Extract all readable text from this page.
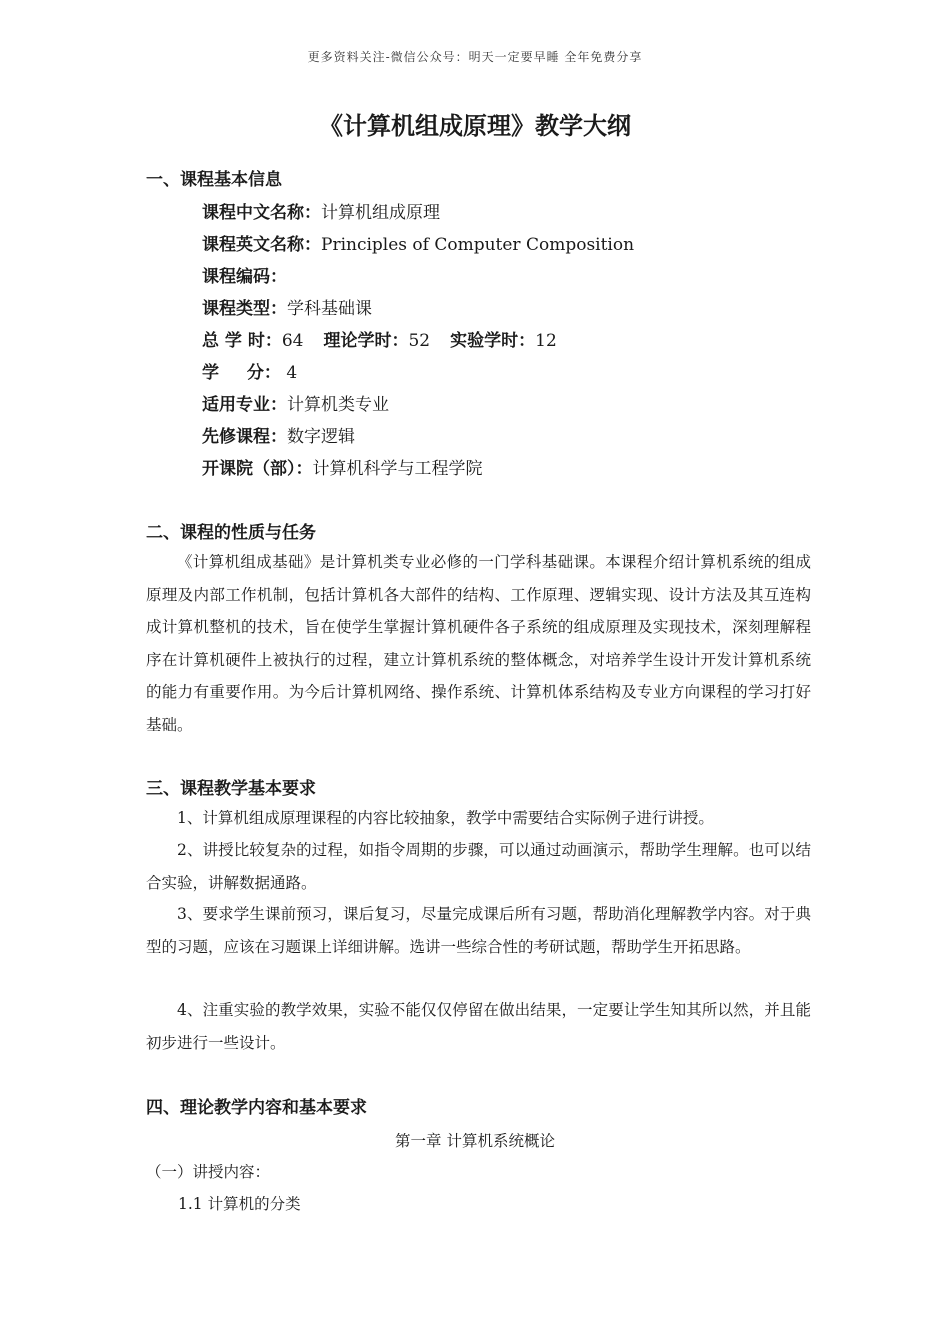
更多资料关注-微信公众号：明天一定要早睡 全年免费分享
《计算机组成原理》教学大纲
一、课程基本信息
课程中文名称：计算机组成原理
课程英文名称：Principles of Computer Composition
课程编码：
课程类型：学科基础课
总 学 时：64 理论学时：52 实验学时：12
学 分： 4
适用专业：计算机类专业
先修课程：数字逻辑
开课院（部）：计算机科学与工程学院
二、课程的性质与任务
《计算机组成基础》是计算机类专业必修的一门学科基础课。本课程介绍计算机系统的组成原理及内部工作机制，包括计算机各大部件的结构、工作原理、逻辑实现、设计方法及其互连构成计算机整机的技术，旨在使学生掌握计算机硬件各子系统的组成原理及实现技术，深刻理解程序在计算机硬件上被执行的过程，建立计算机系统的整体概念，对培养学生设计开发计算机系统的能力有重要作用。为今后计算机网络、操作系统、计算机体系结构及专业方向课程的学习打好基础。
三、课程教学基本要求
1、计算机组成原理课程的内容比较抽象，教学中需要结合实际例子进行讲授。
2、讲授比较复杂的过程，如指令周期的步骤，可以通过动画演示，帮助学生理解。也可以结合实验，讲解数据通路。
3、要求学生课前预习，课后复习，尽量完成课后所有习题，帮助消化理解教学内容。对于典型的习题，应该在习题课上详细讲解。选讲一些综合性的考研试题，帮助学生开拓思路。
4、注重实验的教学效果，实验不能仅仅停留在做出结果，一定要让学生知其所以然，并且能初步进行一些设计。
四、理论教学内容和基本要求
第一章 计算机系统概论
（一）讲授内容：
1.1 计算机的分类
